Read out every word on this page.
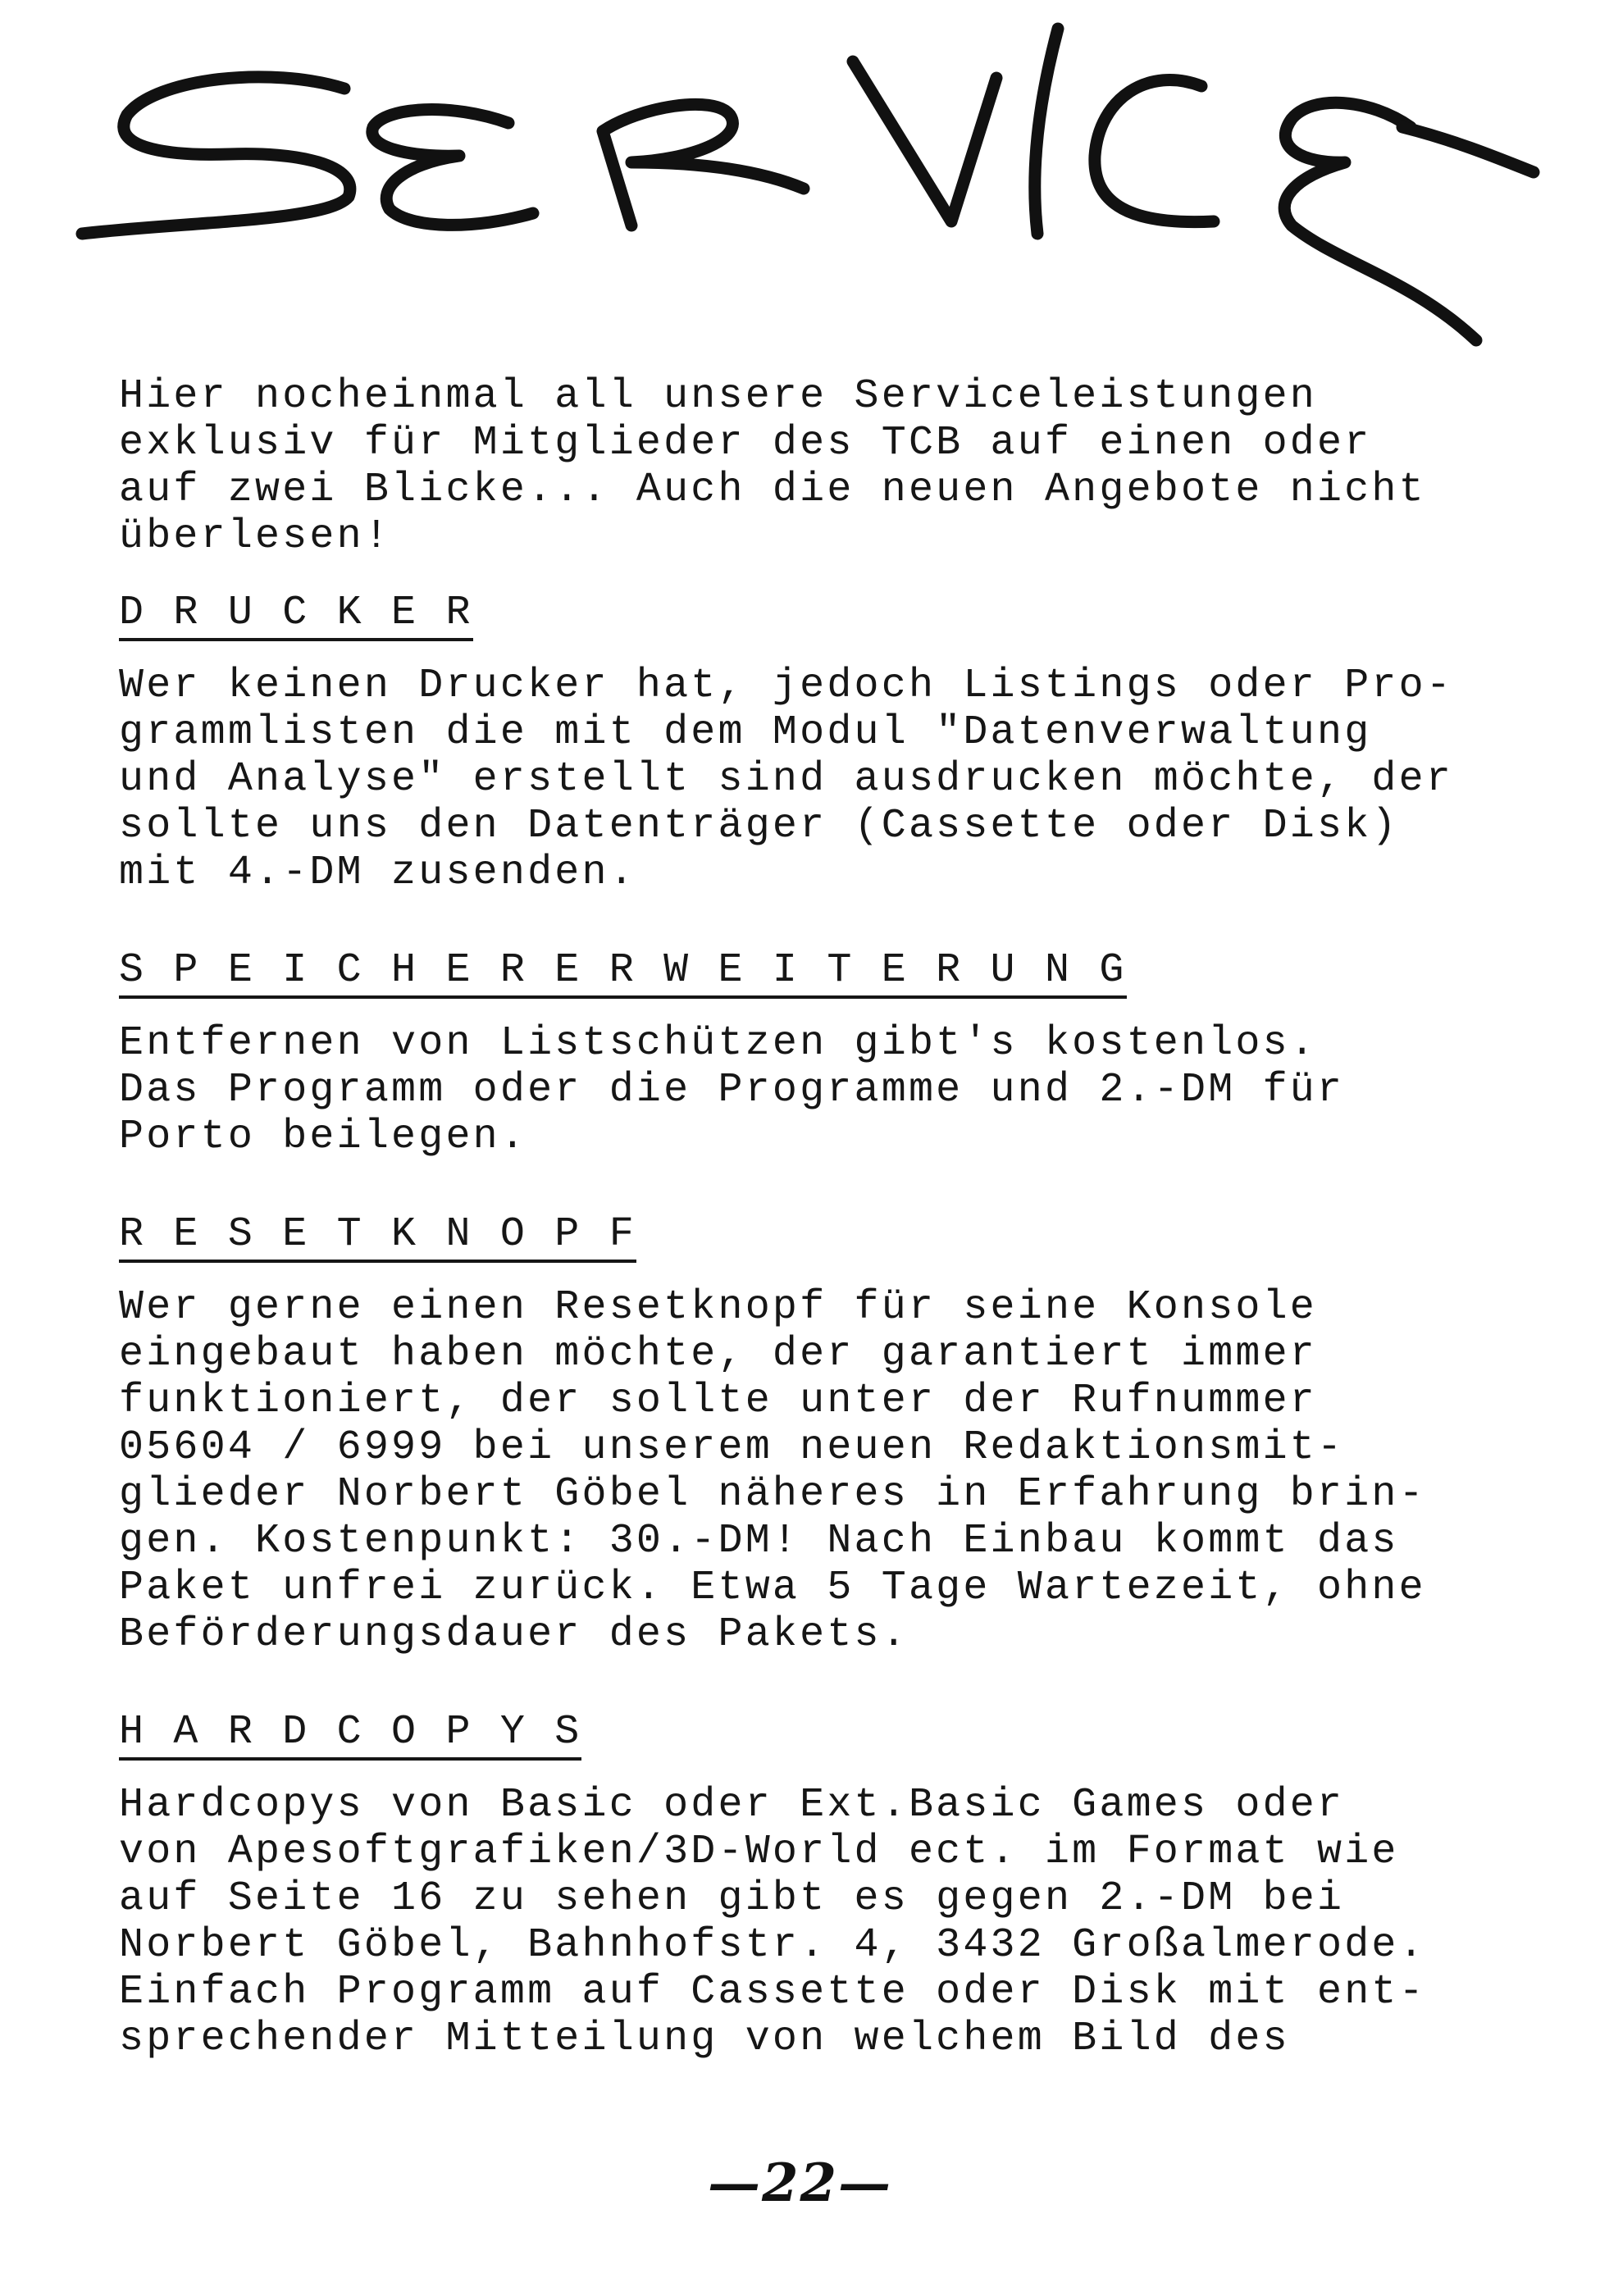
SERVICE

Hier nocheinmal all unsere Serviceleistungen
exklusiv für Mitglieder des TCB auf einen oder
auf zwei Blicke... Auch die neuen Angebote nicht
überlesen!

D R U C K E R

Wer keinen Drucker hat, jedoch Listings oder Pro-
grammlisten die mit dem Modul "Datenverwaltung
und Analyse" erstellt sind ausdrucken möchte, der
sollte uns den Datenträger (Cassette oder Disk)
mit 4.-DM zusenden.

S P E I C H E R E R W E I T E R U N G

Entfernen von Listschützen gibt's kostenlos.
Das Programm oder die Programme und 2.-DM für
Porto beilegen.

R E S E T K N O P F

Wer gerne einen Resetknopf für seine Konsole
eingebaut haben möchte, der garantiert immer
funktioniert, der sollte unter der Rufnummer
05604 / 6999 bei unserem neuen Redaktionsmit-
glieder Norbert Göbel näheres in Erfahrung brin-
gen. Kostenpunkt: 30.-DM! Nach Einbau kommt das
Paket unfrei zurück. Etwa 5 Tage Wartezeit, ohne
Beförderungsdauer des Pakets.

H A R D C O P Y S

Hardcopys von Basic oder Ext.Basic Games oder
von Apesoftgrafiken/3D-World ect. im Format wie
auf Seite 16 zu sehen gibt es gegen 2.-DM bei
Norbert Göbel, Bahnhofstr. 4, 3432 Großalmerode.
Einfach Programm auf Cassette oder Disk mit ent-
sprechender Mitteilung von welchem Bild des

—22—
